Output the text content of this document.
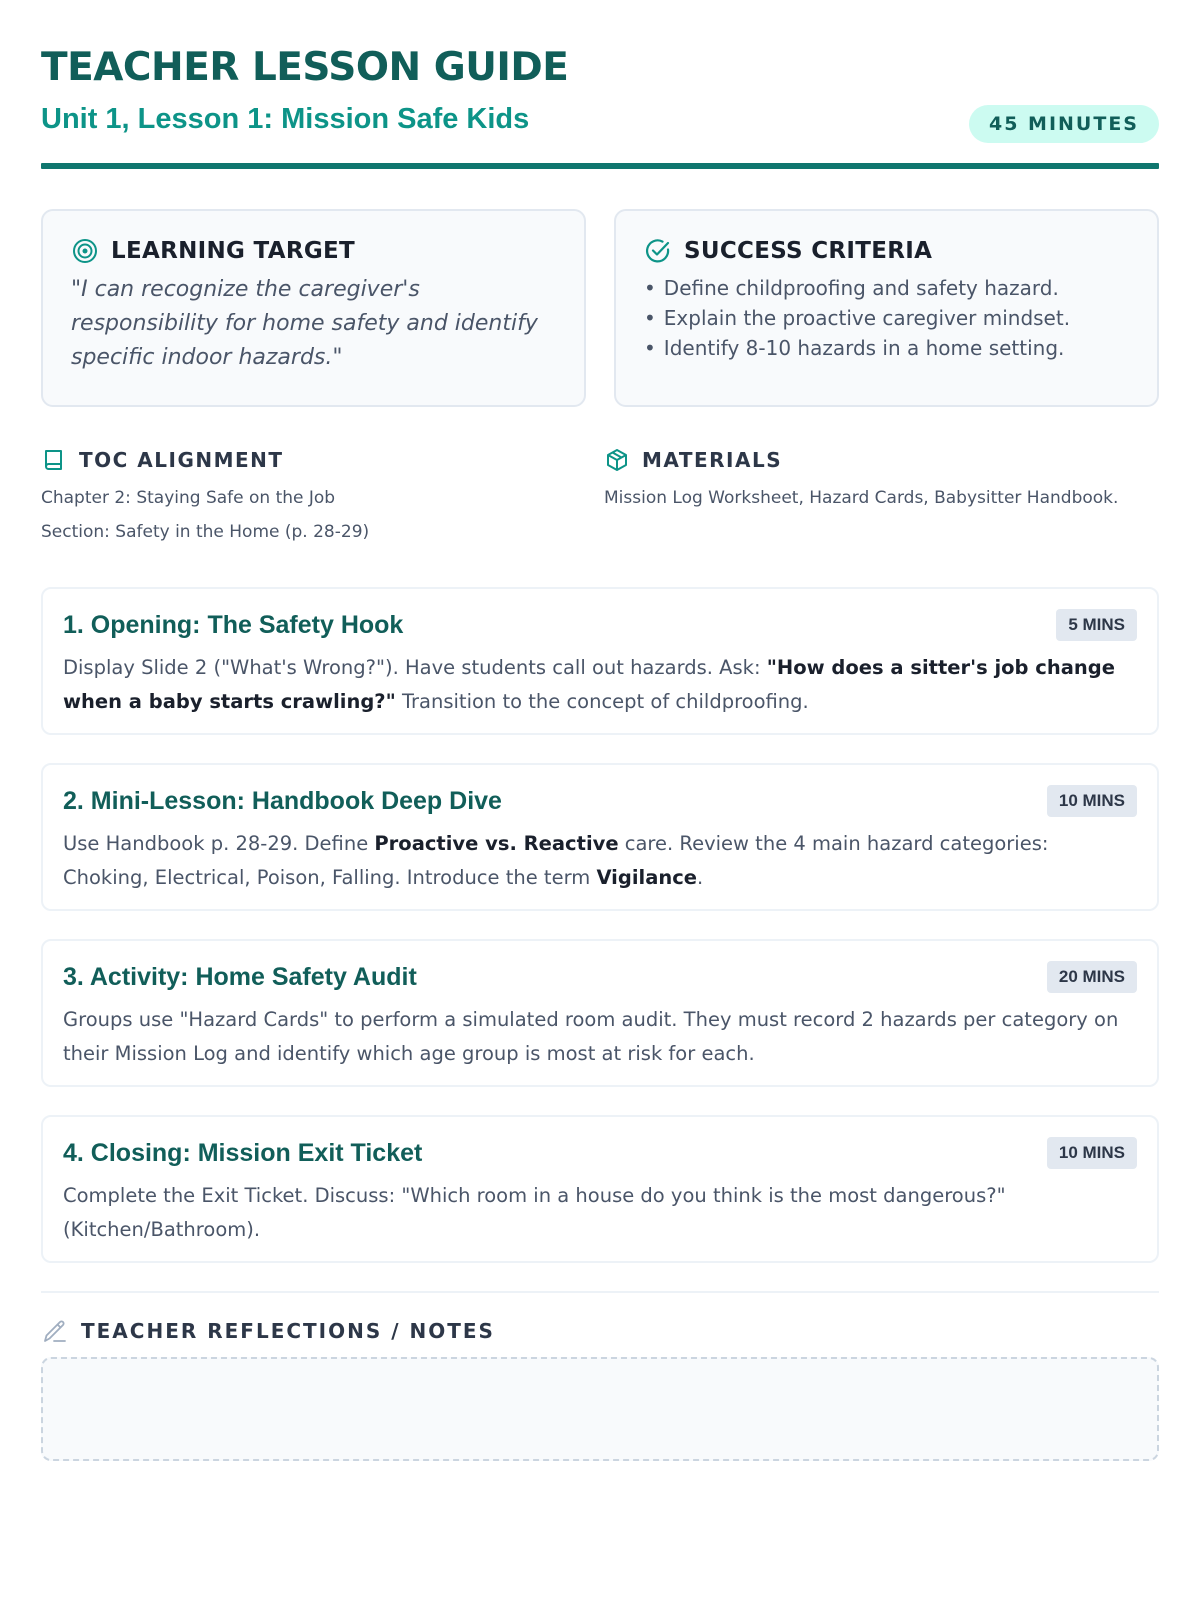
TEACHER LESSON GUIDE
Unit 1, Lesson 1: Mission Safe Kids	45 MINUTES
LEARNING TARGET
"I can recognize the caregiver's responsibility for home safety and identify specific indoor hazards."
SUCCESS CRITERIA
• Define childproofing and safety hazard.
• Explain the proactive caregiver mindset.
• Identify 8-10 hazards in a home setting.
TOC ALIGNMENT
Chapter 2: Staying Safe on the Job
Section: Safety in the Home (p. 28-29)
MATERIALS
Mission Log Worksheet, Hazard Cards, Babysitter Handbook.
1. Opening: The Safety Hook	5 MINS
Display Slide 2 ("What's Wrong?"). Have students call out hazards. Ask: "How does a sitter's job change when a baby starts crawling?" Transition to the concept of childproofing.
2. Mini-Lesson: Handbook Deep Dive	10 MINS
Use Handbook p. 28-29. Define Proactive vs. Reactive care. Review the 4 main hazard categories: Choking, Electrical, Poison, Falling. Introduce the term Vigilance.
3. Activity: Home Safety Audit	20 MINS
Groups use "Hazard Cards" to perform a simulated room audit. They must record 2 hazards per category on their Mission Log and identify which age group is most at risk for each.
4. Closing: Mission Exit Ticket	10 MINS
Complete the Exit Ticket. Discuss: "Which room in a house do you think is the most dangerous?" (Kitchen/Bathroom).
TEACHER REFLECTIONS / NOTES
